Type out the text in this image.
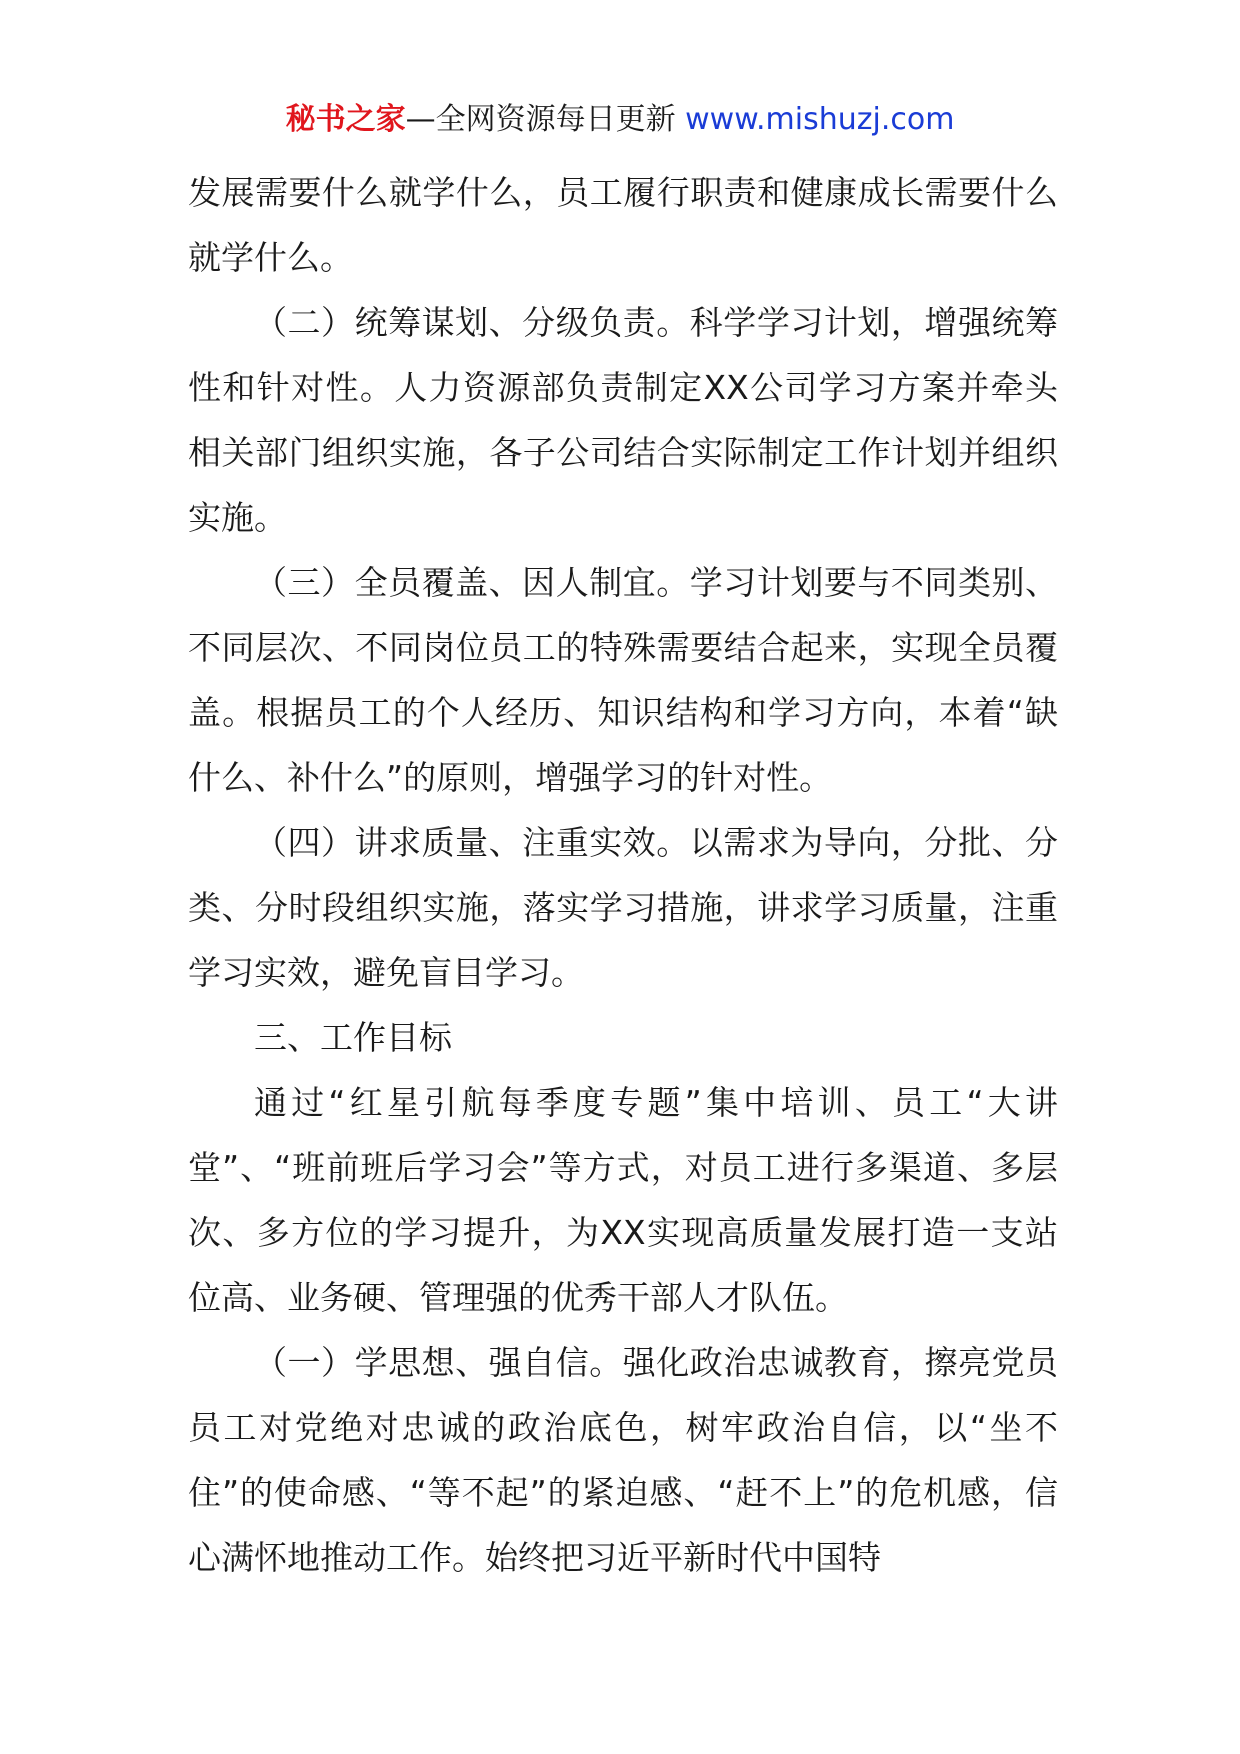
秘书之家—全网资源每日更新 www.mishuzj.com

发展需要什么就学什么，员工履行职责和健康成长需要什么就学什么。

（二）统筹谋划、分级负责。科学学习计划，增强统筹性和针对性。人力资源部负责制定XX公司学习方案并牵头相关部门组织实施，各子公司结合实际制定工作计划并组织实施。

（三）全员覆盖、因人制宜。学习计划要与不同类别、不同层次、不同岗位员工的特殊需要结合起来，实现全员覆盖。根据员工的个人经历、知识结构和学习方向，本着“缺什么、补什么”的原则，增强学习的针对性。

（四）讲求质量、注重实效。以需求为导向，分批、分类、分时段组织实施，落实学习措施，讲求学习质量，注重学习实效，避免盲目学习。

三、工作目标

通过“红星引航每季度专题”集中培训、员工“大讲堂”、“班前班后学习会”等方式，对员工进行多渠道、多层次、多方位的学习提升，为XX实现高质量发展打造一支站位高、业务硬、管理强的优秀干部人才队伍。

（一）学思想、强自信。强化政治忠诚教育，擦亮党员员工对党绝对忠诚的政治底色，树牢政治自信，以“坐不住”的使命感、“等不起”的紧迫感、“赶不上”的危机感，信心满怀地推动工作。始终把习近平新时代中国特
